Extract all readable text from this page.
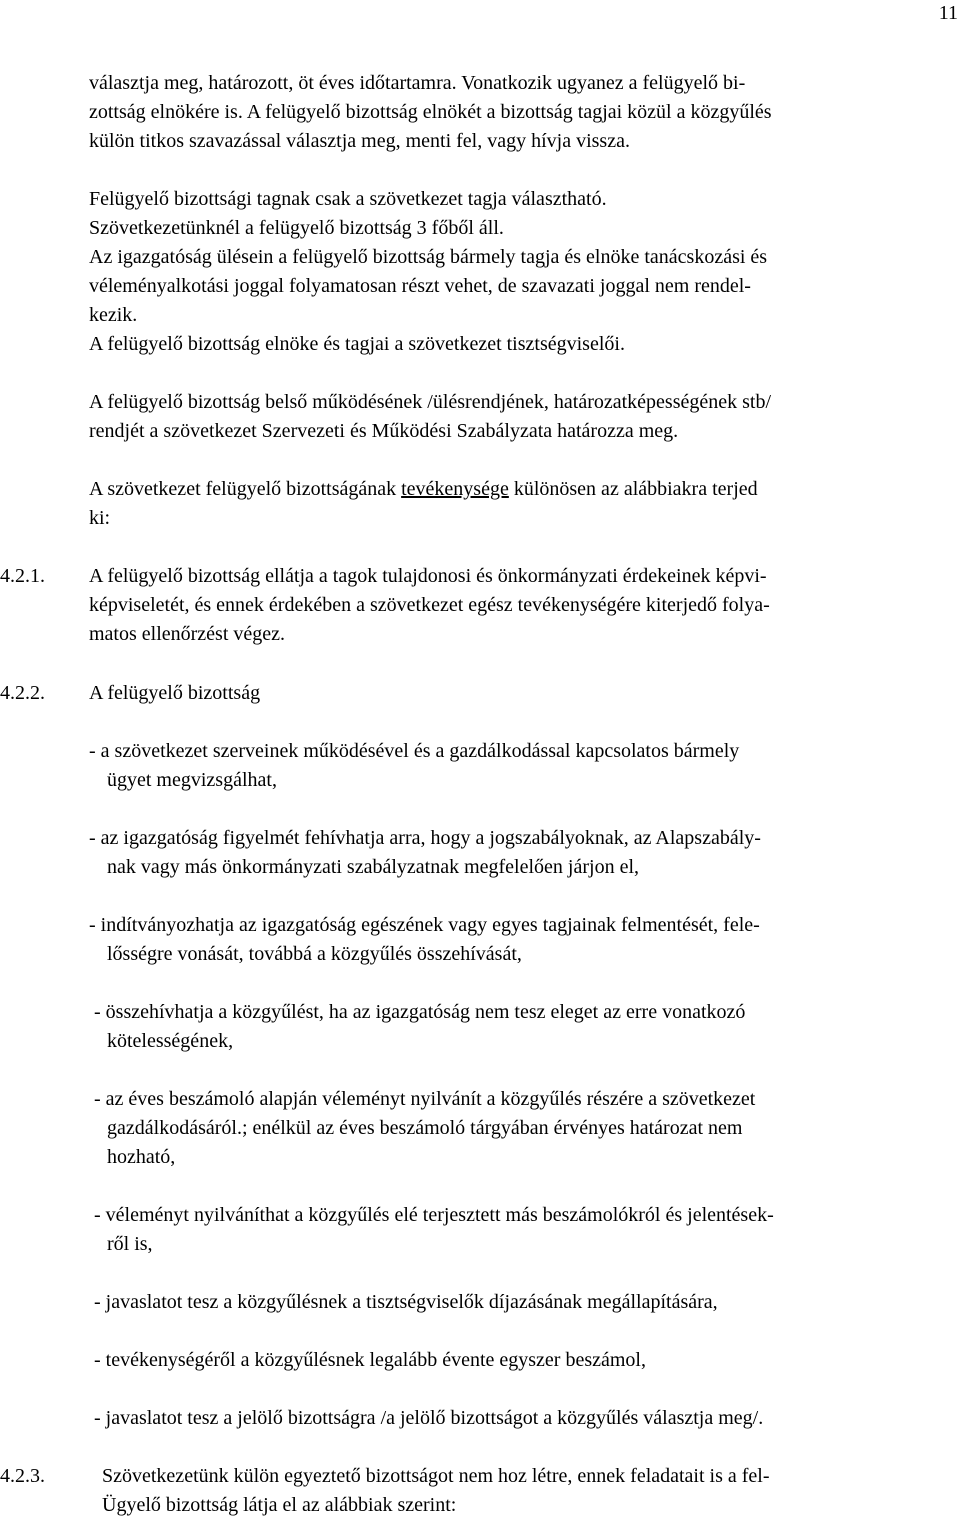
11
választja meg, határozott, öt éves időtartamra. Vonatkozik ugyanez a felügyelő bi-
zottság elnökére is. A felügyelő bizottság elnökét a bizottság tagjai közül a közgyűlés
külön titkos szavazással választja meg, menti fel, vagy hívja vissza.
Felügyelő bizottsági tagnak csak a szövetkezet tagja választható.
Szövetkezetünknél a felügyelő bizottság 3 főből áll.
Az igazgatóság ülésein a felügyelő bizottság bármely tagja és elnöke tanácskozási és
véleményalkotási joggal folyamatosan részt vehet, de szavazati joggal nem rendel-
kezik.
A felügyelő bizottság elnöke és tagjai a szövetkezet tisztségviselői.
A felügyelő bizottság belső működésének /ülésrendjének, határozatképességének stb/
rendjét a szövetkezet Szervezeti és Működési Szabályzata határozza meg.
A szövetkezet felügyelő bizottságának tevékenysége különösen az alábbiakra terjed
ki:
4.2.1. A felügyelő bizottság ellátja a tagok tulajdonosi és önkormányzati érdekeinek képvi-
képviseletét, és ennek érdekében a szövetkezet egész tevékenységére kiterjedő folya-
matos ellenőrzést végez.
4.2.2. A felügyelő bizottság
- a szövetkezet szerveinek működésével és a gazdálkodással kapcsolatos bármely
ügyet megvizsgálhat,
- az igazgatóság figyelmét fehívhatja arra, hogy a jogszabályoknak, az Alapszabály-
nak vagy más önkormányzati szabályzatnak megfelelően járjon el,
- indítványozhatja az igazgatóság egészének vagy egyes tagjainak felmentését, fele-
lősségre vonását, továbbá a közgyűlés összehívását,
- összehívhatja a közgyűlést, ha az igazgatóság nem tesz eleget az erre vonatkozó
kötelességének,
- az éves beszámoló alapján véleményt nyilvánít a közgyűlés részére a szövetkezet
gazdálkodásáról.; enélkül az éves beszámoló tárgyában érvényes határozat nem
hozható,
- véleményt nyilváníthat a közgyűlés elé terjesztett más beszámolókról és jelentések-
ről is,
- javaslatot tesz a közgyűlésnek a tisztségviselők díjazásának megállapítására,
- tevékenységéről a közgyűlésnek legalább évente egyszer beszámol,
- javaslatot tesz a jelölő bizottságra /a jelölő bizottságot a közgyűlés választja meg/.
4.2.3.	Szövetkezetünk külön egyeztető bizottságot nem hoz létre, ennek feladatait is a fel-
Ügyelő bizottság látja el az alábbiak szerint:
